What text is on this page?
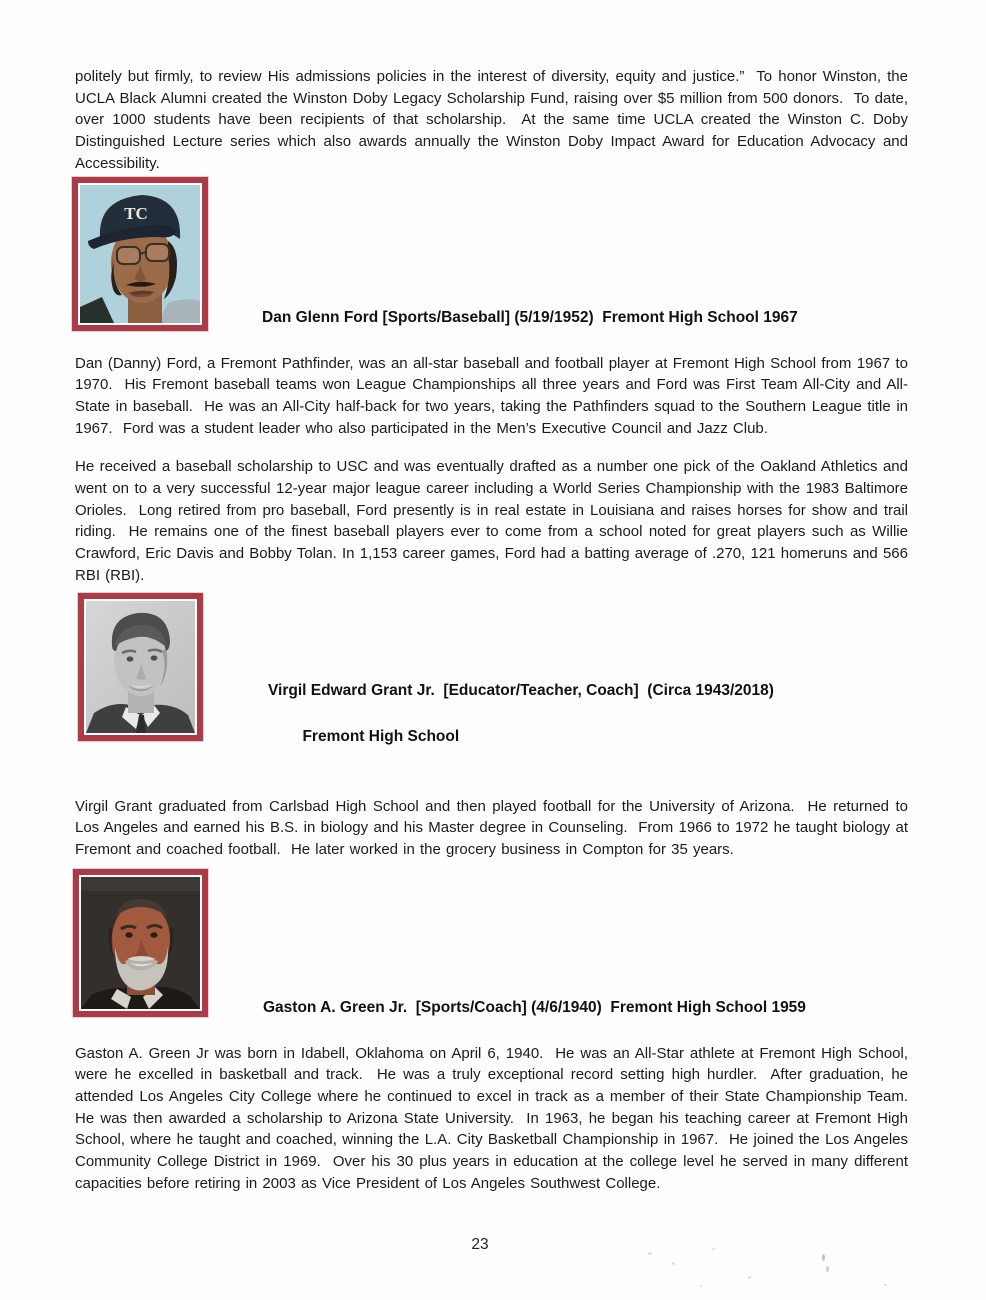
politely but firmly, to review His admissions policies in the interest of diversity, equity and justice.”  To honor Winston, the UCLA Black Alumni created the Winston Doby Legacy Scholarship Fund, raising over $5 million from 500 donors.  To date, over 1000 students have been recipients of that scholarship.  At the same time UCLA created the Winston C. Doby Distinguished Lecture series which also awards annually the Winston Doby Impact Award for Education Advocacy and Accessibility.

TC
Dan Glenn Ford [Sports/Baseball] (5/19/1952)  Fremont High School 1967

Dan (Danny) Ford, a Fremont Pathfinder, was an all-star baseball and football player at Fremont High School from 1967 to 1970.  His Fremont baseball teams won League Championships all three years and Ford was First Team All-City and All-State in baseball.  He was an All-City half-back for two years, taking the Pathfinders squad to the Southern League title in 1967.  Ford was a student leader who also participated in the Men’s Executive Council and Jazz Club.

He received a baseball scholarship to USC and was eventually drafted as a number one pick of the Oakland Athletics and went on to a very successful 12-year major league career including a World Series Championship with the 1983 Baltimore Orioles.  Long retired from pro baseball, Ford presently is in real estate in Louisiana and raises horses for show and trail riding.  He remains one of the finest baseball players ever to come from a school noted for great players such as Willie Crawford, Eric Davis and Bobby Tolan. In 1,153 career games, Ford had a batting average of .270, 121 homeruns and 566 RBI (RBI).

Virgil Edward Grant Jr.  [Educator/Teacher, Coach]  (Circa 1943/2018)

Fremont High School

Virgil Grant graduated from Carlsbad High School and then played football for the University of Arizona.  He returned to Los Angeles and earned his B.S. in biology and his Master degree in Counseling.  From 1966 to 1972 he taught biology at Fremont and coached football.  He later worked in the grocery business in Compton for 35 years.

Gaston A. Green Jr.  [Sports/Coach] (4/6/1940)  Fremont High School 1959

Gaston A. Green Jr was born in Idabell, Oklahoma on April 6, 1940.  He was an All-Star athlete at Fremont High School, were he excelled in basketball and track.  He was a truly exceptional record setting high hurdler.  After graduation, he attended Los Angeles City College where he continued to excel in track as a member of their State Championship Team.  He was then awarded a scholarship to Arizona State University.  In 1963, he began his teaching career at Fremont High School, where he taught and coached, winning the L.A. City Basketball Championship in 1967.  He joined the Los Angeles Community College District in 1969.  Over his 30 plus years in education at the college level he served in many different capacities before retiring in 2003 as Vice President of Los Angeles Southwest College.

23
